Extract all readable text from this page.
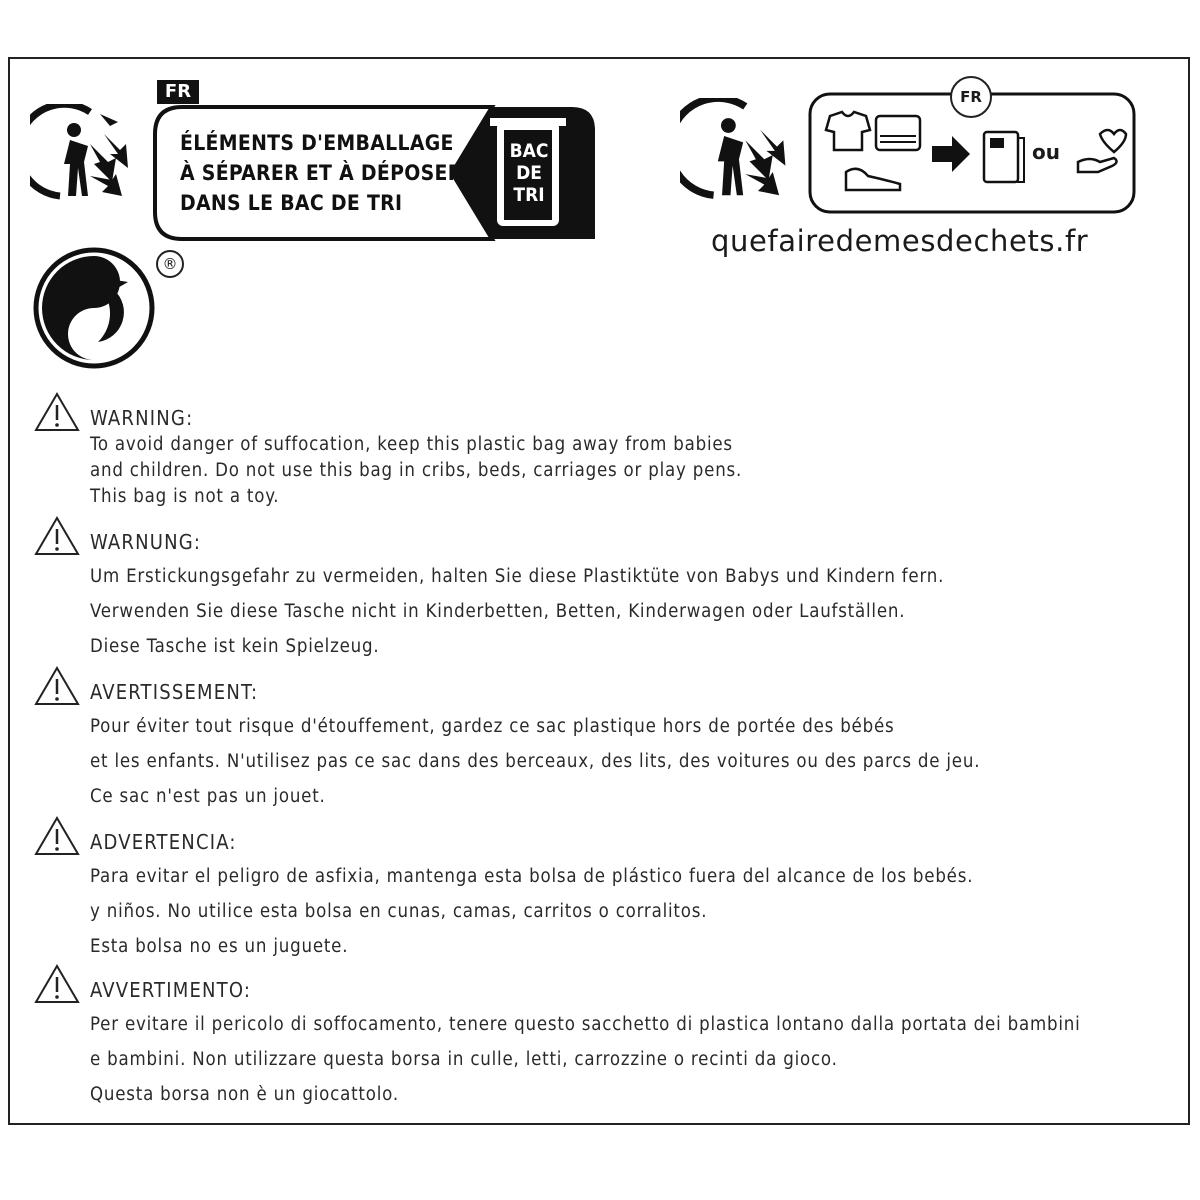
FR
ÉLÉMENTS D'EMBALLAGE
À SÉPARER ET À DÉPOSER
DANS LE BAC DE TRI
BAC
DE
TRI
®
FR
ou
quefairedemesdechets.fr
WARNING:
To avoid danger of suffocation, keep this plastic bag away from babies
and children. Do not use this bag in cribs, beds, carriages or play pens.
This bag is not a toy.
WARNUNG:
Um Erstickungsgefahr zu vermeiden, halten Sie diese Plastiktüte von Babys und Kindern fern.
Verwenden Sie diese Tasche nicht in Kinderbetten, Betten, Kinderwagen oder Laufställen.
Diese Tasche ist kein Spielzeug.
AVERTISSEMENT:
Pour éviter tout risque d'étouffement, gardez ce sac plastique hors de portée des bébés
et les enfants. N'utilisez pas ce sac dans des berceaux, des lits, des voitures ou des parcs de jeu.
Ce sac n'est pas un jouet.
ADVERTENCIA:
Para evitar el peligro de asfixia, mantenga esta bolsa de plástico fuera del alcance de los bebés.
y niños. No utilice esta bolsa en cunas, camas, carritos o corralitos.
Esta bolsa no es un juguete.
AVVERTIMENTO:
Per evitare il pericolo di soffocamento, tenere questo sacchetto di plastica lontano dalla portata dei bambini
e bambini. Non utilizzare questa borsa in culle, letti, carrozzine o recinti da gioco.
Questa borsa non è un giocattolo.
